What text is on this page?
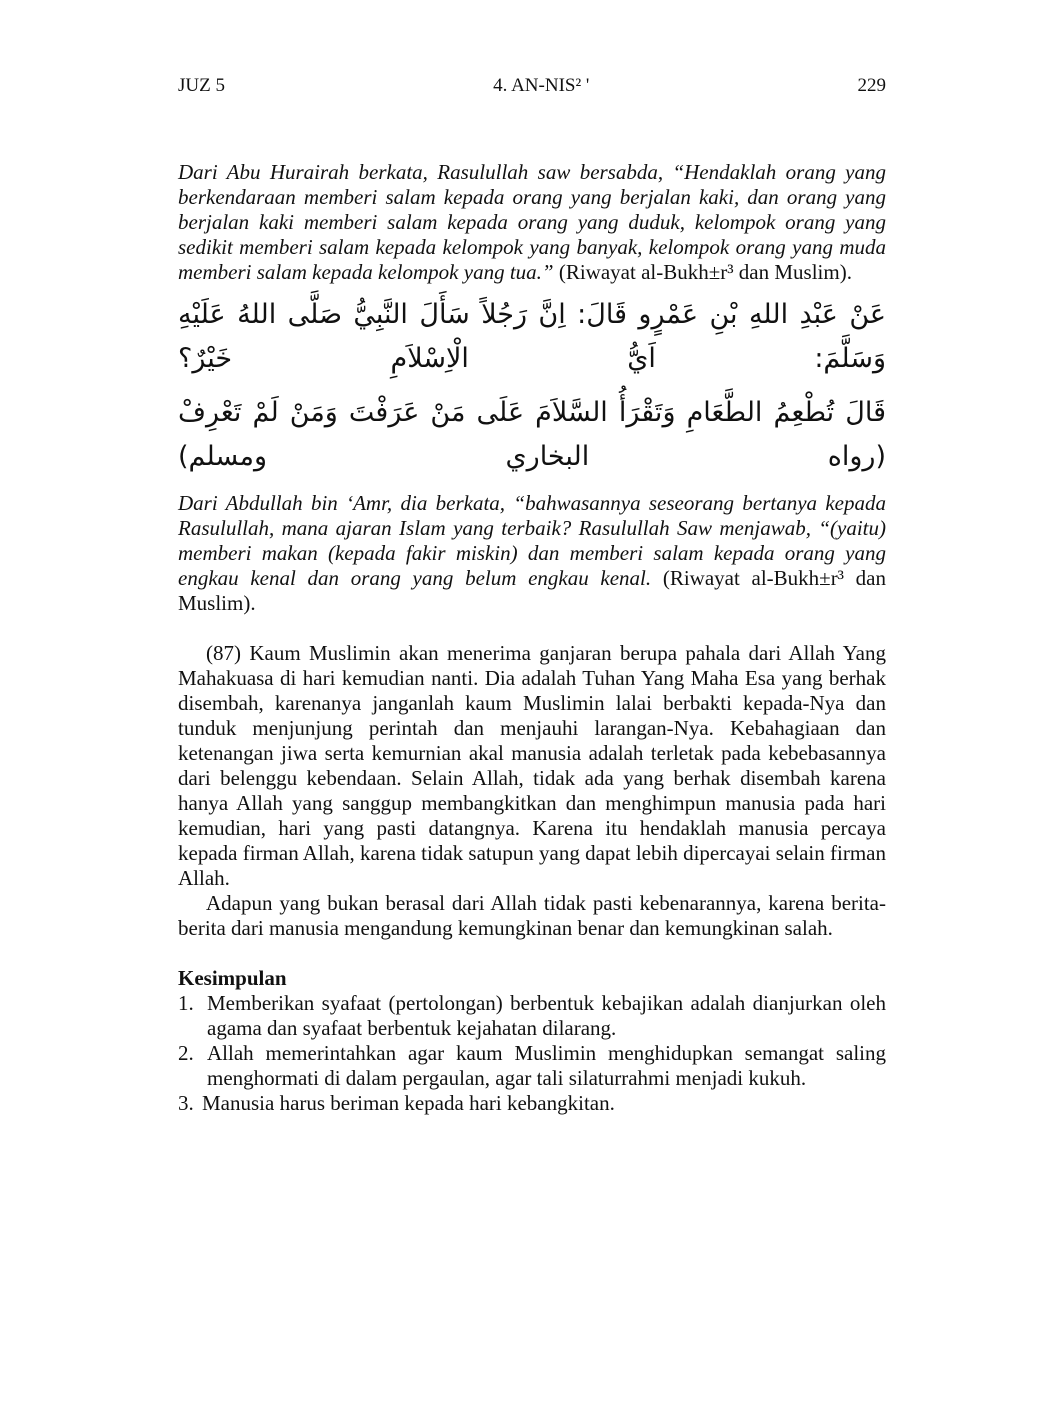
JUZ 5	4. AN-NIS² '	229

Dari Abu Hurairah berkata, Rasulullah saw bersabda, “Hendaklah orang yang berkendaraan memberi salam kepada orang yang berjalan kaki, dan orang yang berjalan kaki memberi salam kepada orang yang duduk, kelompok orang yang sedikit memberi salam kepada kelompok yang banyak, kelompok orang yang muda memberi salam kepada kelompok yang tua.” (Riwayat al-Bukh±r³ dan Muslim).

عَنْ عَبْدِ اللهِ بْنِ عَمْرٍو قَالَ: اِنَّ رَجُلاً سَأَلَ النَّبِيُّ صَلَّى اللهُ عَلَيْهِ وَسَلَّمَ: اَيُّ الْاِسْلاَمِ خَيْرٌ؟

قَالَ تُطْعِمُ الطَّعَامِ وَتَقْرَأُ السَّلاَمَ عَلَى مَنْ عَرَفْتَ وَمَنْ لَمْ تَعْرِفْ (رواه البخاري ومسلم)

Dari Abdullah bin ‘Amr, dia berkata, “bahwasannya seseorang bertanya kepada Rasulullah, mana ajaran Islam yang terbaik? Rasulullah Saw menjawab, “(yaitu) memberi makan (kepada fakir miskin) dan memberi salam kepada orang yang engkau kenal dan orang yang belum engkau kenal. (Riwayat al-Bukh±r³ dan Muslim).

(87) Kaum Muslimin akan menerima ganjaran berupa pahala dari Allah Yang Mahakuasa di hari kemudian nanti. Dia adalah Tuhan Yang Maha Esa yang berhak disembah, karenanya janganlah kaum Muslimin lalai berbakti kepada-Nya dan tunduk menjunjung perintah dan menjauhi larangan-Nya. Kebahagiaan dan ketenangan jiwa serta kemurnian akal manusia adalah terletak pada kebebasannya dari belenggu kebendaan. Selain Allah, tidak ada yang berhak disembah karena hanya Allah yang sanggup membangkitkan dan menghimpun manusia pada hari kemudian, hari yang pasti datangnya. Karena itu hendaklah manusia percaya kepada firman Allah, karena tidak satupun yang dapat lebih dipercayai selain firman Allah.

Adapun yang bukan berasal dari Allah tidak pasti kebenarannya, karena berita-berita dari manusia mengandung kemungkinan benar dan kemungkinan salah.

Kesimpulan
1. Memberikan syafaat (pertolongan) berbentuk kebajikan adalah dianjurkan oleh agama dan syafaat berbentuk kejahatan dilarang.
2. Allah memerintahkan agar kaum Muslimin menghidupkan semangat saling menghormati di dalam pergaulan, agar tali silaturrahmi menjadi kukuh.
3. Manusia harus beriman kepada hari kebangkitan.
